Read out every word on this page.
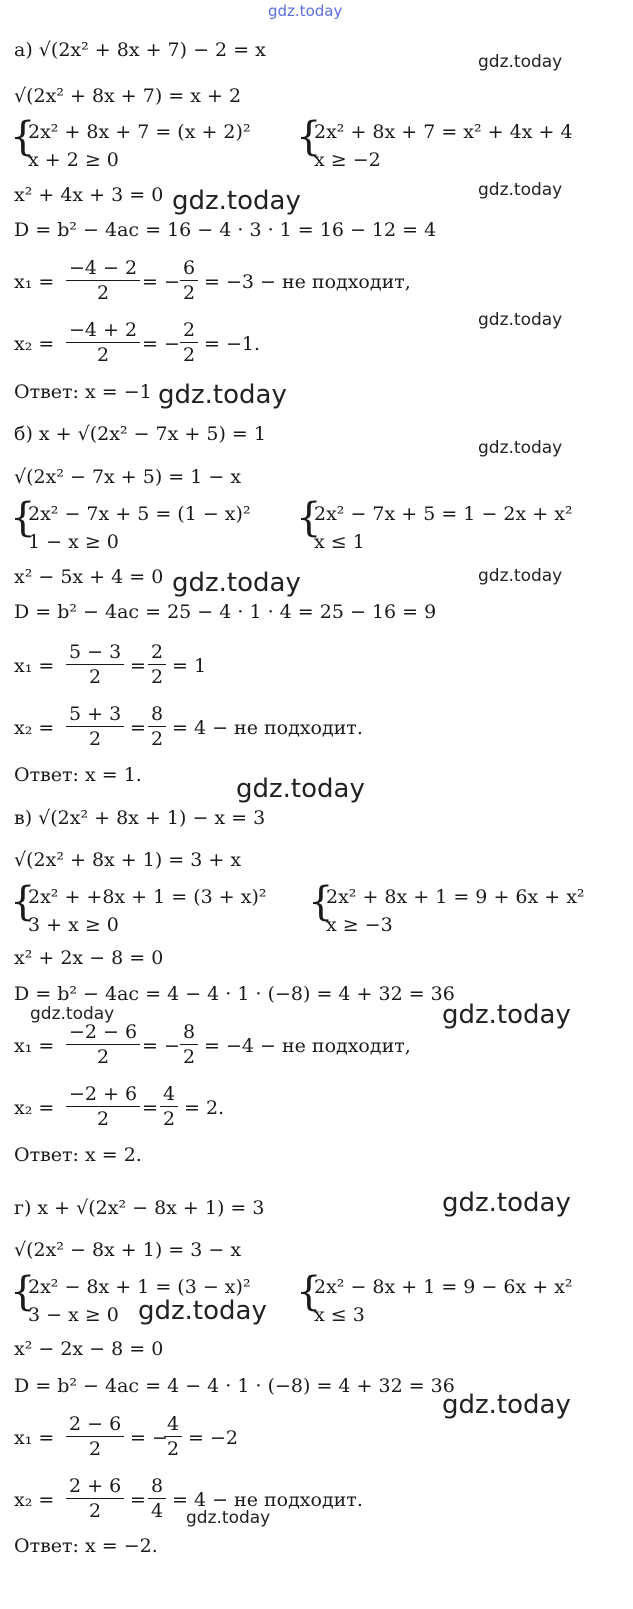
gdz.today
а) √(2x² + 8x + 7) − 2 = x
gdz.today
√(2x² + 8x + 7) = x + 2
{
2x² + 8x + 7 = (x + 2)²
x + 2 ≥ 0	{
2x² + 8x + 7 = x² + 4x + 4
x ≥ −2
x² + 4x + 3 = 0 gdz.today	gdz.today
D = b² − 4ac = 16 − 4 · 3 · 1 = 16 − 12 = 4
$x_1 = \frac{-4 - 2}{2}$ = − $\frac{6}{2} = -3$ − не подходит,
gdz.today
$x_2 = \frac{-4 + 2}{2}$ = − $\frac{2}{2} = -1$.
Ответ: x = −1 gdz.today
б) x + √(2x² − 7x + 5) = 1
gdz.today
√(2x² − 7x + 5) = 1 − x
{
2x² − 7x + 5 = (1 − x)²
1 − x ≥ 0
{
2x² − 7x + 5 = 1 − 2x + x²
x ≤ 1
x² − 5x + 4 = 0 gdz.today	gdz.today
D = b² − 4ac = 25 − 4 · 1 · 4 = 25 − 16 = 9
$x_1 = \frac{5 - 3}{2} = \frac{2}{2} = 1$
$x_2 = \frac{5 + 3}{2} = \frac{8}{2} = 4$ − не подходит.
Ответ: x = 1.	gdz.today
в) √(2x² + 8x + 1) − x = 3
√(2x² + 8x + 1) = 3 + x
{
2x² + +8x + 1 = (3 + x)²
3 + x ≥ 0	{
2x² + 8x + 1 = 9 + 6x + x²
x ≥ −3
x² + 2x − 8 = 0
D = b² − 4ac = 4 − 4 · 1 · (−8) = 4 + 32 = 36
gdz.today	gdz.today
$x_1 = \frac{-2 - 6}{2}$ = − $\frac{8}{2} = -4$ − не подходит,
$x_2 = \frac{-2 + 6}{2} = \frac{4}{2} = 2$.
Ответ: x = 2.
г) x + √(2x² − 8x + 1) = 3	gdz.today
√(2x² − 8x + 1) = 3 − x
{
2x² − 8x + 1 = (3 − x)²
3 − x ≥ 0 gdz.today {
2x² − 8x + 1 = 9 − 6x + x²
x ≤ 3
x² − 2x − 8 = 0
D = b² − 4ac = 4 − 4 · 1 · (−8) = 4 + 32 = 36
gdz.today
$x_1 = \frac{2 - 6}{2}$ = −
$\frac{4}{2} = -2$
$x_2 = \frac{2 + 6}{2} = \frac{8}{4} = 4$ − не подходит.
gdz.today
Ответ: x = −2.
